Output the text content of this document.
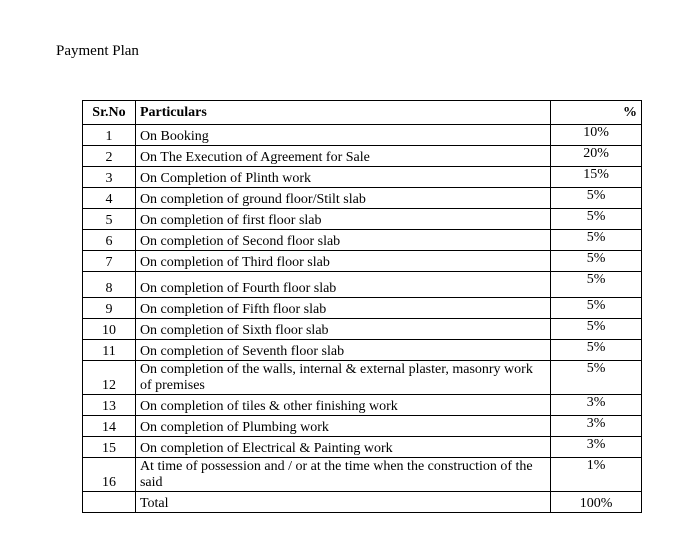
Payment Plan
Sr.No	Particulars	%
1	On Booking	10%
2	On The Execution of Agreement for Sale	20%
3	On Completion of Plinth work	15%
4	On completion of ground floor/Stilt slab	5%
5	On completion of first floor slab	5%
6	On completion of Second floor slab	5%
7	On completion of Third floor slab	5%
8	On completion of Fourth floor slab	5%
9	On completion of Fifth floor slab	5%
10	On completion of Sixth floor slab	5%
11	On completion of Seventh floor slab	5%
12	On completion of the walls, internal & external plaster, masonry work of premises	5%
13	On completion of tiles & other finishing work	3%
14	On completion of Plumbing work	3%
15	On completion of Electrical & Painting work	3%
16	At time of possession and / or at the time when the construction of the said	1%
	Total	100%
